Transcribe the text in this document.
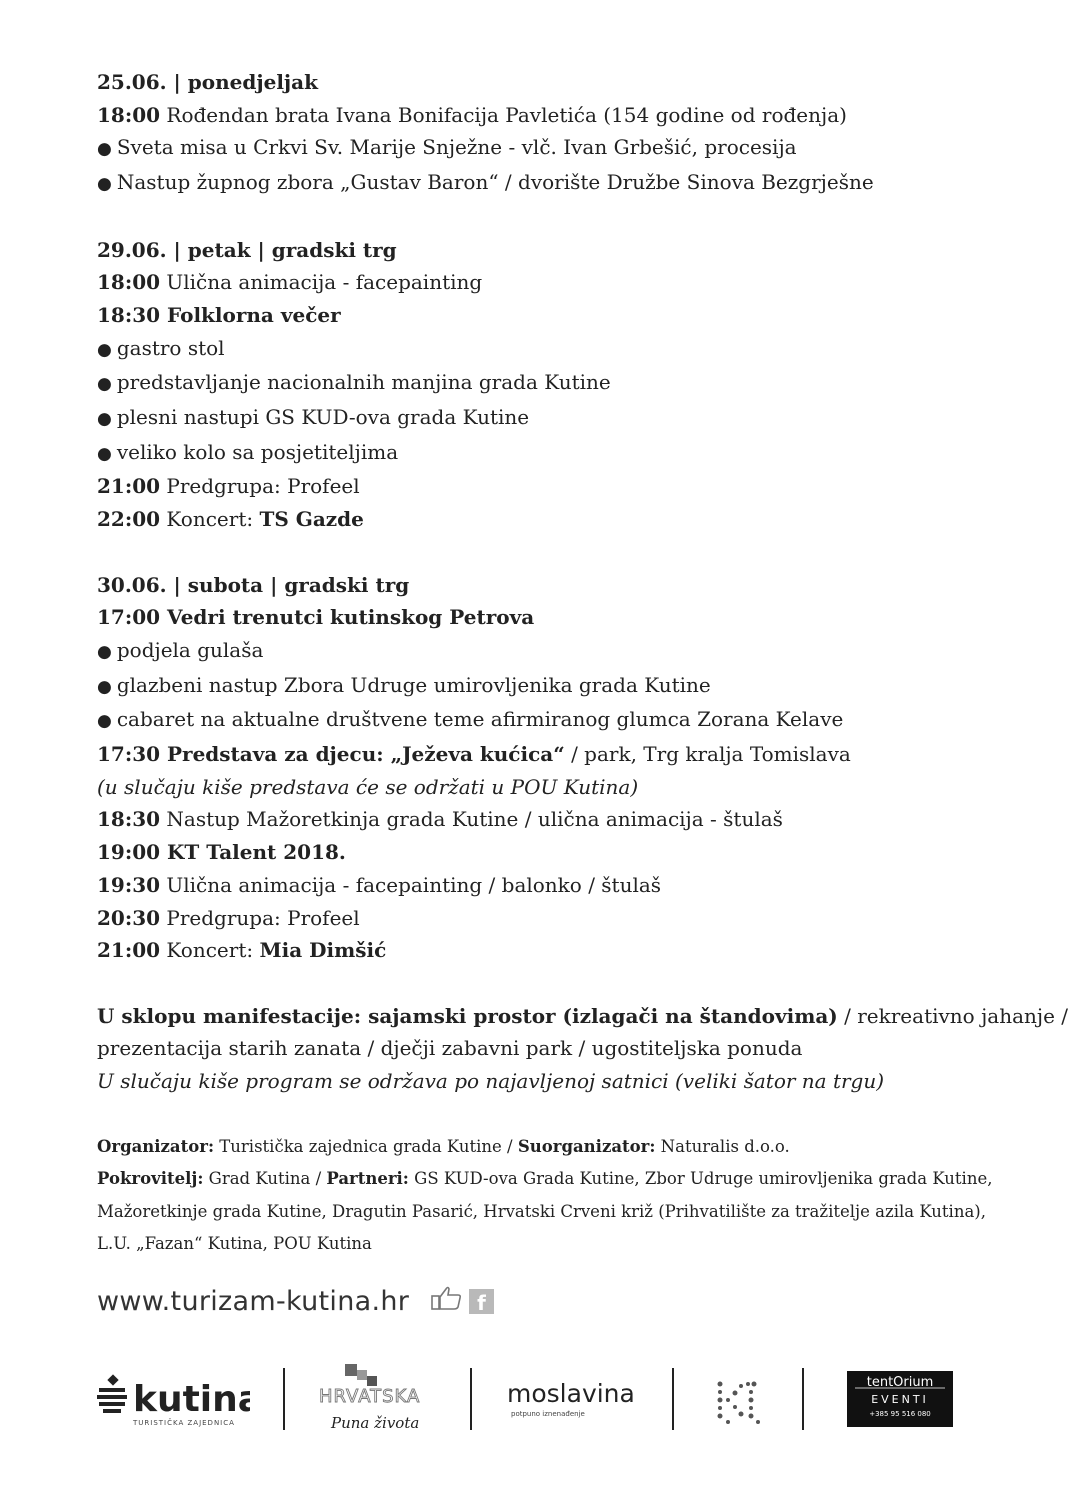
25.06. | ponedjeljak
18:00 Rođendan brata Ivana Bonifacija Pavletića (154 godine od rođenja)
● Sveta misa u Crkvi Sv. Marije Snježne - vlč. Ivan Grbešić, procesija
● Nastup župnog zbora „Gustav Baron“ / dvorište Družbe Sinova Bezgrješne
29.06. | petak | gradski trg
18:00 Ulična animacija - facepainting
18:30 Folklorna večer
● gastro stol
● predstavljanje nacionalnih manjina grada Kutine
● plesni nastupi GS KUD-ova grada Kutine
● veliko kolo sa posjetiteljima
21:00 Predgrupa: Profeel
22:00 Koncert: TS Gazde
30.06. | subota | gradski trg
17:00 Vedri trenutci kutinskog Petrova
● podjela gulaša
● glazbeni nastup Zbora Udruge umirovljenika grada Kutine
● cabaret na aktualne društvene teme afirmiranog glumca Zorana Kelave
17:30 Predstava za djecu: „Ježeva kućica“ / park, Trg kralja Tomislava
(u slučaju kiše predstava će se održati u POU Kutina)
18:30 Nastup Mažoretkinja grada Kutine / ulična animacija - štulaš
19:00 KT Talent 2018.
19:30 Ulična animacija - facepainting / balonko / štulaš
20:30 Predgrupa: Profeel
21:00 Koncert: Mia Dimšić
U sklopu manifestacije: sajamski prostor (izlagači na štandovima) / rekreativno jahanje /
prezentacija starih zanata / dječji zabavni park / ugostiteljska ponuda
U slučaju kiše program se održava po najavljenoj satnici (veliki šator na trgu)
Organizator: Turistička zajednica grada Kutine / Suorganizator: Naturalis d.o.o.
Pokrovitelj: Grad Kutina / Partneri: GS KUD-ova Grada Kutine, Zbor Udruge umirovljenika grada Kutine,
Mažoretkinje grada Kutine, Dragutin Pasarić, Hrvatski Crveni križ (Prihvatilište za tražitelje azila Kutina),
L.U. „Fazan“ Kutina, POU Kutina
www.turizam-kutina.hr	f
kutina
TURISTIČKA ZAJEDNICA
HRVATSKA
Puna života
moslavina
potpuno iznenađenje
tentOrium
EVENTI
+385 95 516 080
